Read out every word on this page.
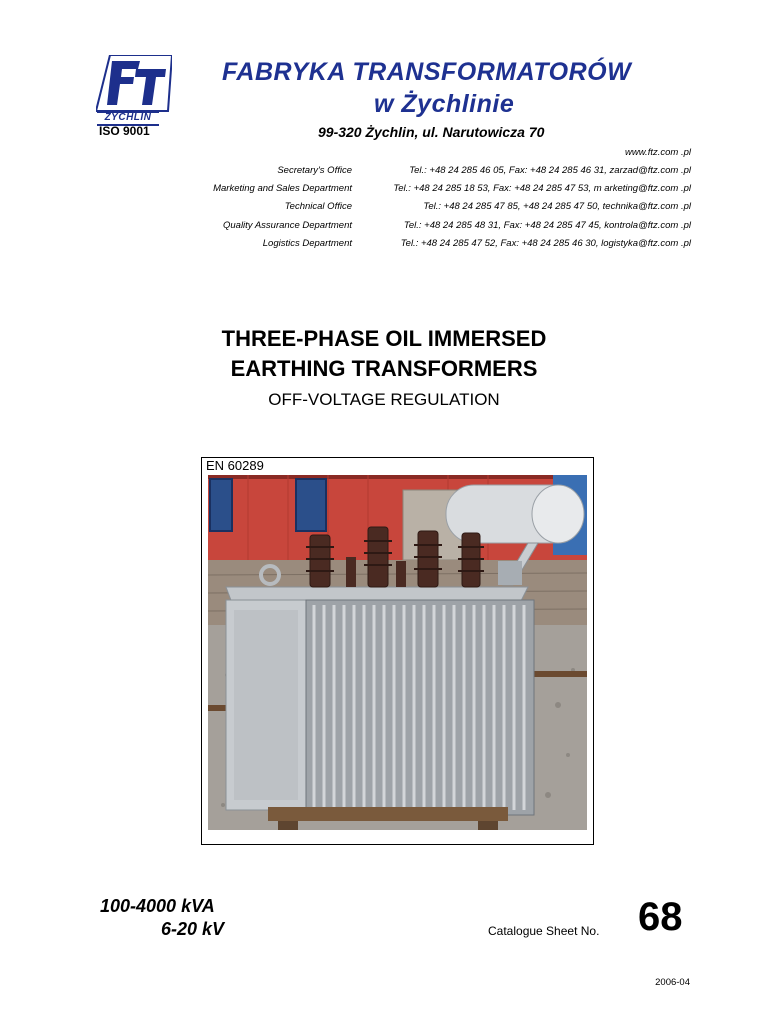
ZYCHLIN
ISO 9001
FABRYKA TRANSFORMATORÓW
w Żychlinie
99-320 Żychlin, ul. Narutowicza 70
www.ftz.com .pl
Secretary's Office	Tel.: +48 24 285 46 05, Fax: +48 24 285 46 31, zarzad@ftz.com .pl
Marketing and Sales Department	Tel.: +48 24 285 18 53, Fax: +48 24 285 47 53, m arketing@ftz.com .pl
Technical Office	Tel.: +48 24 285 47 85, +48 24 285 47 50, technika@ftz.com .pl
Quality Assurance Department	Tel.: +48 24 285 48 31, Fax: +48 24 285 47 45, kontrola@ftz.com .pl
Logistics Department	Tel.: +48 24 285 47 52, Fax: +48 24 285 46 30, logistyka@ftz.com .pl
THREE-PHASE OIL IMMERSED
EARTHING TRANSFORMERS
OFF-VOLTAGE REGULATION
EN 60289
100-4000 kVA
6-20 kV	Catalogue Sheet No. 68
2006-04
